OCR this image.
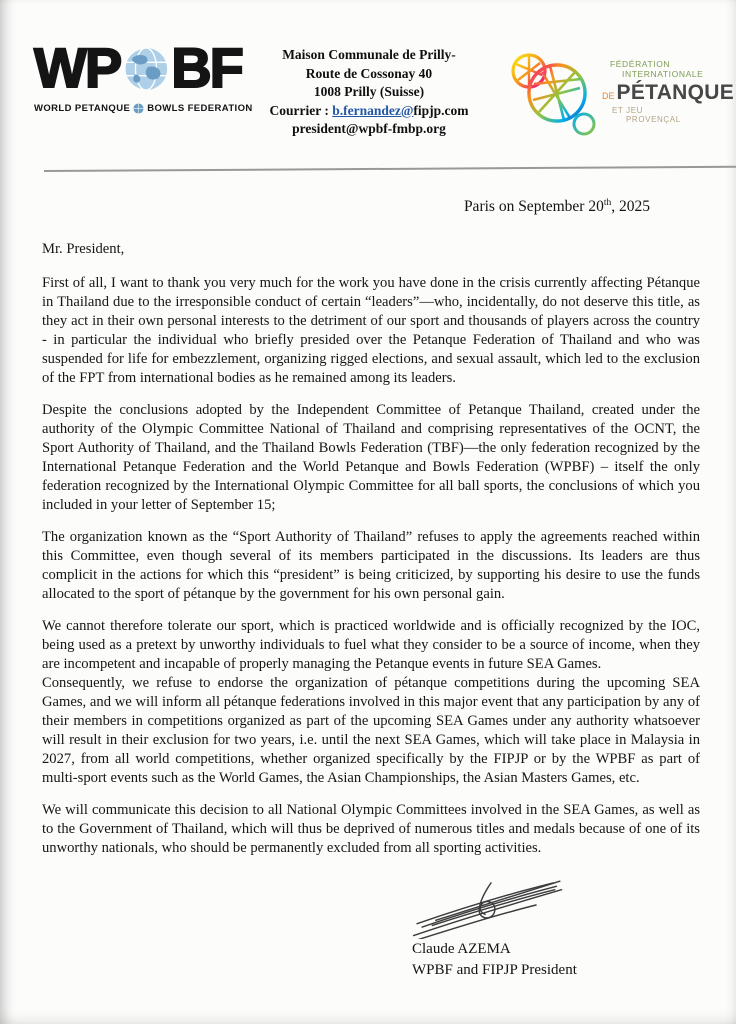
WP BF
WORLD PETANQUE BOWLS FEDERATION
Maison Communale de Prilly-
Route de Cossonay 40
1008 Prilly (Suisse)
Courrier : b.fernandez@fipjp.com
president@wpbf-fmbp.org
FÉDÉRATION
INTERNATIONALE
DE PÉTANQUE
ET JEU
PROVENÇAL
Paris on September 20th, 2025

Mr. President,

First of all, I want to thank you very much for the work you have done in the crisis currently affecting Pétanque in Thailand due to the irresponsible conduct of certain “leaders”—who, incidentally, do not deserve this title, as they act in their own personal interests to the detriment of our sport and thousands of players across the country - in particular the individual who briefly presided over the Petanque Federation of Thailand and who was suspended for life for embezzlement, organizing rigged elections, and sexual assault, which led to the exclusion of the FPT from international bodies as he remained among its leaders.

Despite the conclusions adopted by the Independent Committee of Petanque Thailand, created under the authority of the Olympic Committee National of Thailand and comprising representatives of the OCNT, the Sport Authority of Thailand, and the Thailand Bowls Federation (TBF)—the only federation recognized by the International Petanque Federation and the World Petanque and Bowls Federation (WPBF) – itself the only federation recognized by the International Olympic Committee for all ball sports, the conclusions of which you included in your letter of September 15;

The organization known as the “Sport Authority of Thailand” refuses to apply the agreements reached within this Committee, even though several of its members participated in the discussions. Its leaders are thus complicit in the actions for which this “president” is being criticized, by supporting his desire to use the funds allocated to the sport of pétanque by the government for his own personal gain.

We cannot therefore tolerate our sport, which is practiced worldwide and is officially recognized by the IOC, being used as a pretext by unworthy individuals to fuel what they consider to be a source of income, when they are incompetent and incapable of properly managing the Petanque events in future SEA Games.

Consequently, we refuse to endorse the organization of pétanque competitions during the upcoming SEA Games, and we will inform all pétanque federations involved in this major event that any participation by any of their members in competitions organized as part of the upcoming SEA Games under any authority whatsoever will result in their exclusion for two years, i.e. until the next SEA Games, which will take place in Malaysia in 2027, from all world competitions, whether organized specifically by the FIPJP or by the WPBF as part of multi-sport events such as the World Games, the Asian Championships, the Asian Masters Games, etc.

We will communicate this decision to all National Olympic Committees involved in the SEA Games, as well as to the Government of Thailand, which will thus be deprived of numerous titles and medals because of one of its unworthy nationals, who should be permanently excluded from all sporting activities.

Claude AZEMA
WPBF and FIPJP President
